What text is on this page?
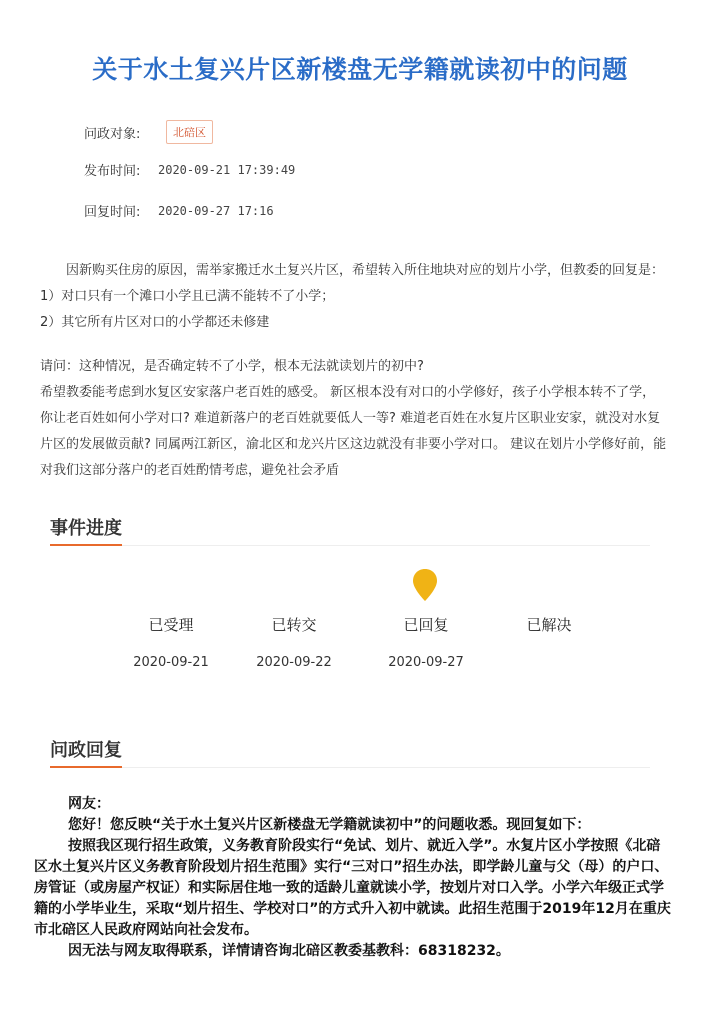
关于水土复兴片区新楼盘无学籍就读初中的问题
问政对象:	北碚区
发布时间:	2020-09-21 17:39:49
回复时间:	2020-09-27 17:16

因新购买住房的原因，需举家搬迁水土复兴片区，希望转入所住地块对应的划片小学，但教委的回复是：

1）对口只有一个滩口小学且已满不能转不了小学；

2）其它所有片区对口的小学都还未修建

请问：这种情况，是否确定转不了小学，根本无法就读划片的初中?

希望教委能考虑到水复区安家落户老百姓的感受。 新区根本没有对口的小学修好，孩子小学根本转不了学，你让老百姓如何小学对口? 难道新落户的老百姓就要低人一等? 难道老百姓在水复片区职业安家，就没对水复片区的发展做贡献? 同属两江新区，渝北区和龙兴片区这边就没有非要小学对口。 建议在划片小学修好前，能对我们这部分落户的老百姓酌情考虑，避免社会矛盾

事件进度
已受理
2020-09-21
已转交
2020-09-22
已回复
2020-09-27
已解决
问政回复

网友：

您好！您反映“关于水土复兴片区新楼盘无学籍就读初中”的问题收悉。现回复如下：

按照我区现行招生政策，义务教育阶段实行“免试、划片、就近入学”。水复片区小学按照《北碚区水土复兴片区义务教育阶段划片招生范围》实行“三对口”招生办法，即学龄儿童与父（母）的户口、房管证（或房屋产权证）和实际居住地一致的适龄儿童就读小学，按划片对口入学。小学六年级正式学籍的小学毕业生，采取“划片招生、学校对口”的方式升入初中就读。此招生范围于2019年12月在重庆市北碚区人民政府网站向社会发布。

因无法与网友取得联系，详情请咨询北碚区教委基教科：68318232。
